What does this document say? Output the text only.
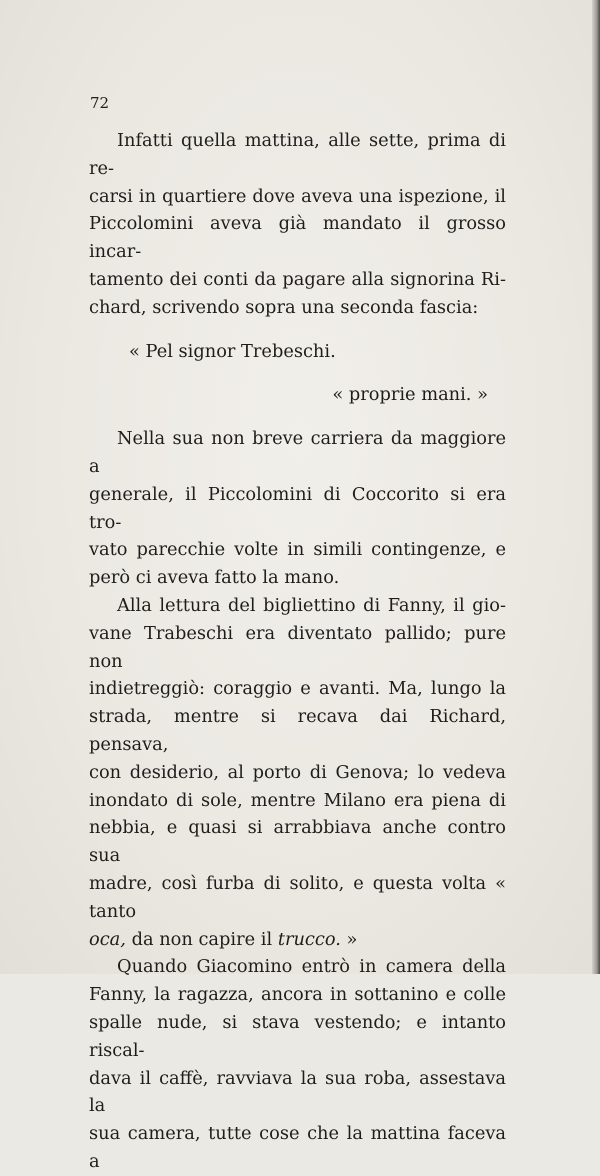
72

Infatti quella mattina, alle sette, prima di re-

carsi in quartiere dove aveva una ispezione, il

Piccolomini aveva già mandato il grosso incar-

tamento dei conti da pagare alla signorina Ri-

chard, scrivendo sopra una seconda fascia:

« Pel signor Trebeschi.

« proprie mani. »

Nella sua non breve carriera da maggiore a

generale, il Piccolomini di Coccorito si era tro-

vato parecchie volte in simili contingenze, e

però ci aveva fatto la mano.

Alla lettura del bigliettino di Fanny, il gio-

vane Trabeschi era diventato pallido; pure non

indietreggiò: coraggio e avanti. Ma, lungo la

strada, mentre si recava dai Richard, pensava,

con desiderio, al porto di Genova; lo vedeva

inondato di sole, mentre Milano era piena di

nebbia, e quasi si arrabbiava anche contro sua

madre, così furba di solito, e questa volta « tanto

oca, da non capire il trucco. »

Quando Giacomino entrò in camera della

Fanny, la ragazza, ancora in sottanino e colle

spalle nude, si stava vestendo; e intanto riscal-

dava il caffè, ravviava la sua roba, assestava la

sua camera, tutte cose che la mattina faceva a
